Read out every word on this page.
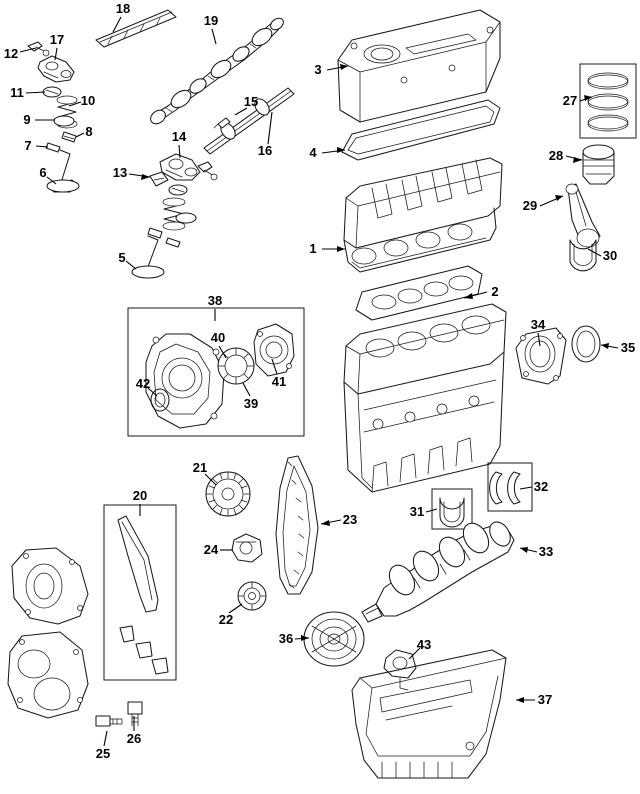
1
2
3
4
5
6
7
8
9
10
11
12
13
14
15
16
17
18
19
20
21
22
23
24
25
26
27
28
29
30
31
32
33
34
35
36
37
38
39
40
41
42
43
